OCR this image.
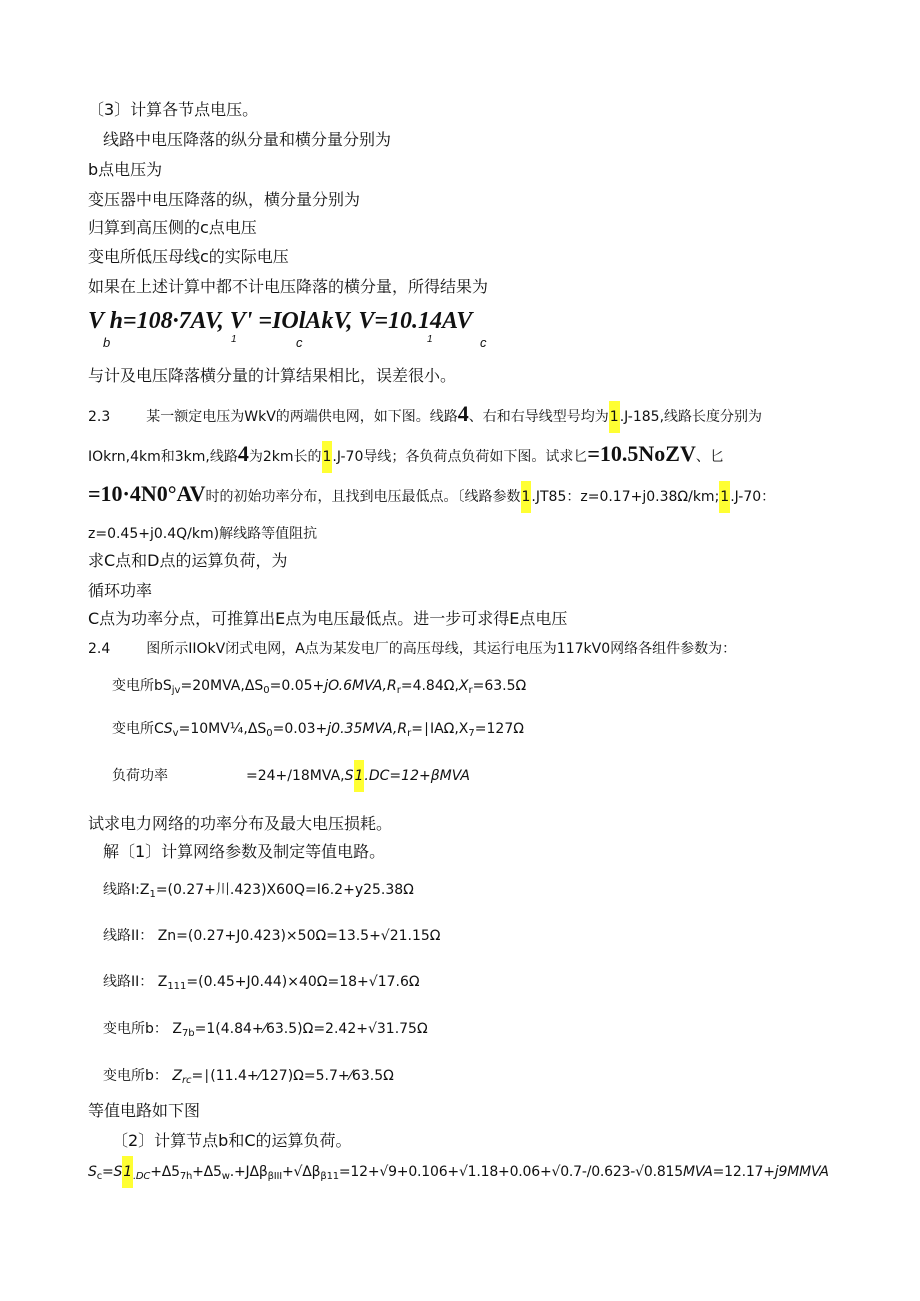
〔3〕计算各节点电压。
线路中电压降落的纵分量和横分量分别为
b点电压为
变压器中电压降落的纵，横分量分别为
归算到高压侧的c点电压
变电所低压母线c的实际电压
如果在上述计算中都不计电压降落的横分量，所得结果为
V h=108·7AV, V' =IOlAkV, V=10.14AV
b	1	c	1	c
与计及电压降落横分量的计算结果相比，误差很小。
2.3	某一额定电压为WkV的两端供电网，如下图。线路4、右和右导线型号均为1.J-185,线路长度分别为
IOkrn,4km和3km,线路4为2km长的1.J-70导线；各负荷点负荷如下图。试求匕=10.5NoZV、匕
=10·4N0°AV时的初始功率分布，且找到电压最低点。〔线路参数1.JT85：z=0.17+j0.38Ω/km;1.J-70：
z=0.45+j0.4Q/km)解线路等值阻抗
求C点和D点的运算负荷，为
循环功率
C点为功率分点，可推算出E点为电压最低点。进一步可求得E点电压
2.4	图所示IIOkV闭式电网，A点为某发电厂的高压母线，其运行电压为117kV0网络各组件参数为：
变电所$bS_{jv}=20MVA,\Delta S_0=0.05+jO.6MVA,R_r=4.84\Omega,X_r=63.5\Omega$
变电所$CS_v=10MV\frac{1}{4},\Delta S_0=0.03+j0.35MVA,R_r=∣IA\Omega,X_7=127\Omega$
负荷功率	=24+/18MVA,S1.DC=12+βMVA
试求电力网络的功率分布及最大电压损耗。
解〔1〕计算网络参数及制定等值电路。
线路$I:Z_1=(0.27+$川.423)X60Q=I6.2+y25.38Ω
线路II： Zn=(0.27+J0.423)×50Ω=13.5+√21.15Ω
线路II： $Z_{111}=(0.45+J0.44)\times 40\Omega=18+√17.6\Omega$
变电所b： $Z_{7b}=1(4.84+⁄63.5)\Omega=2.42+√31.75\Omega$
变电所b： $Z_{rc}=∣(11.4+⁄127)\Omega=5.7+⁄63.5\Omega$
等值电路如下图
〔2〕计算节点b和C的运算负荷。
$S_c=S1_{.DC}+\Delta 5_{7h}+\Delta 5_w.+J\Delta\beta_{\beta III}+√\Delta\beta_{\beta 11}=12+√9+0.106+√1.18+0.06+√0.7-/0.623-√0.815MVA=12.17+j9MMVA$
